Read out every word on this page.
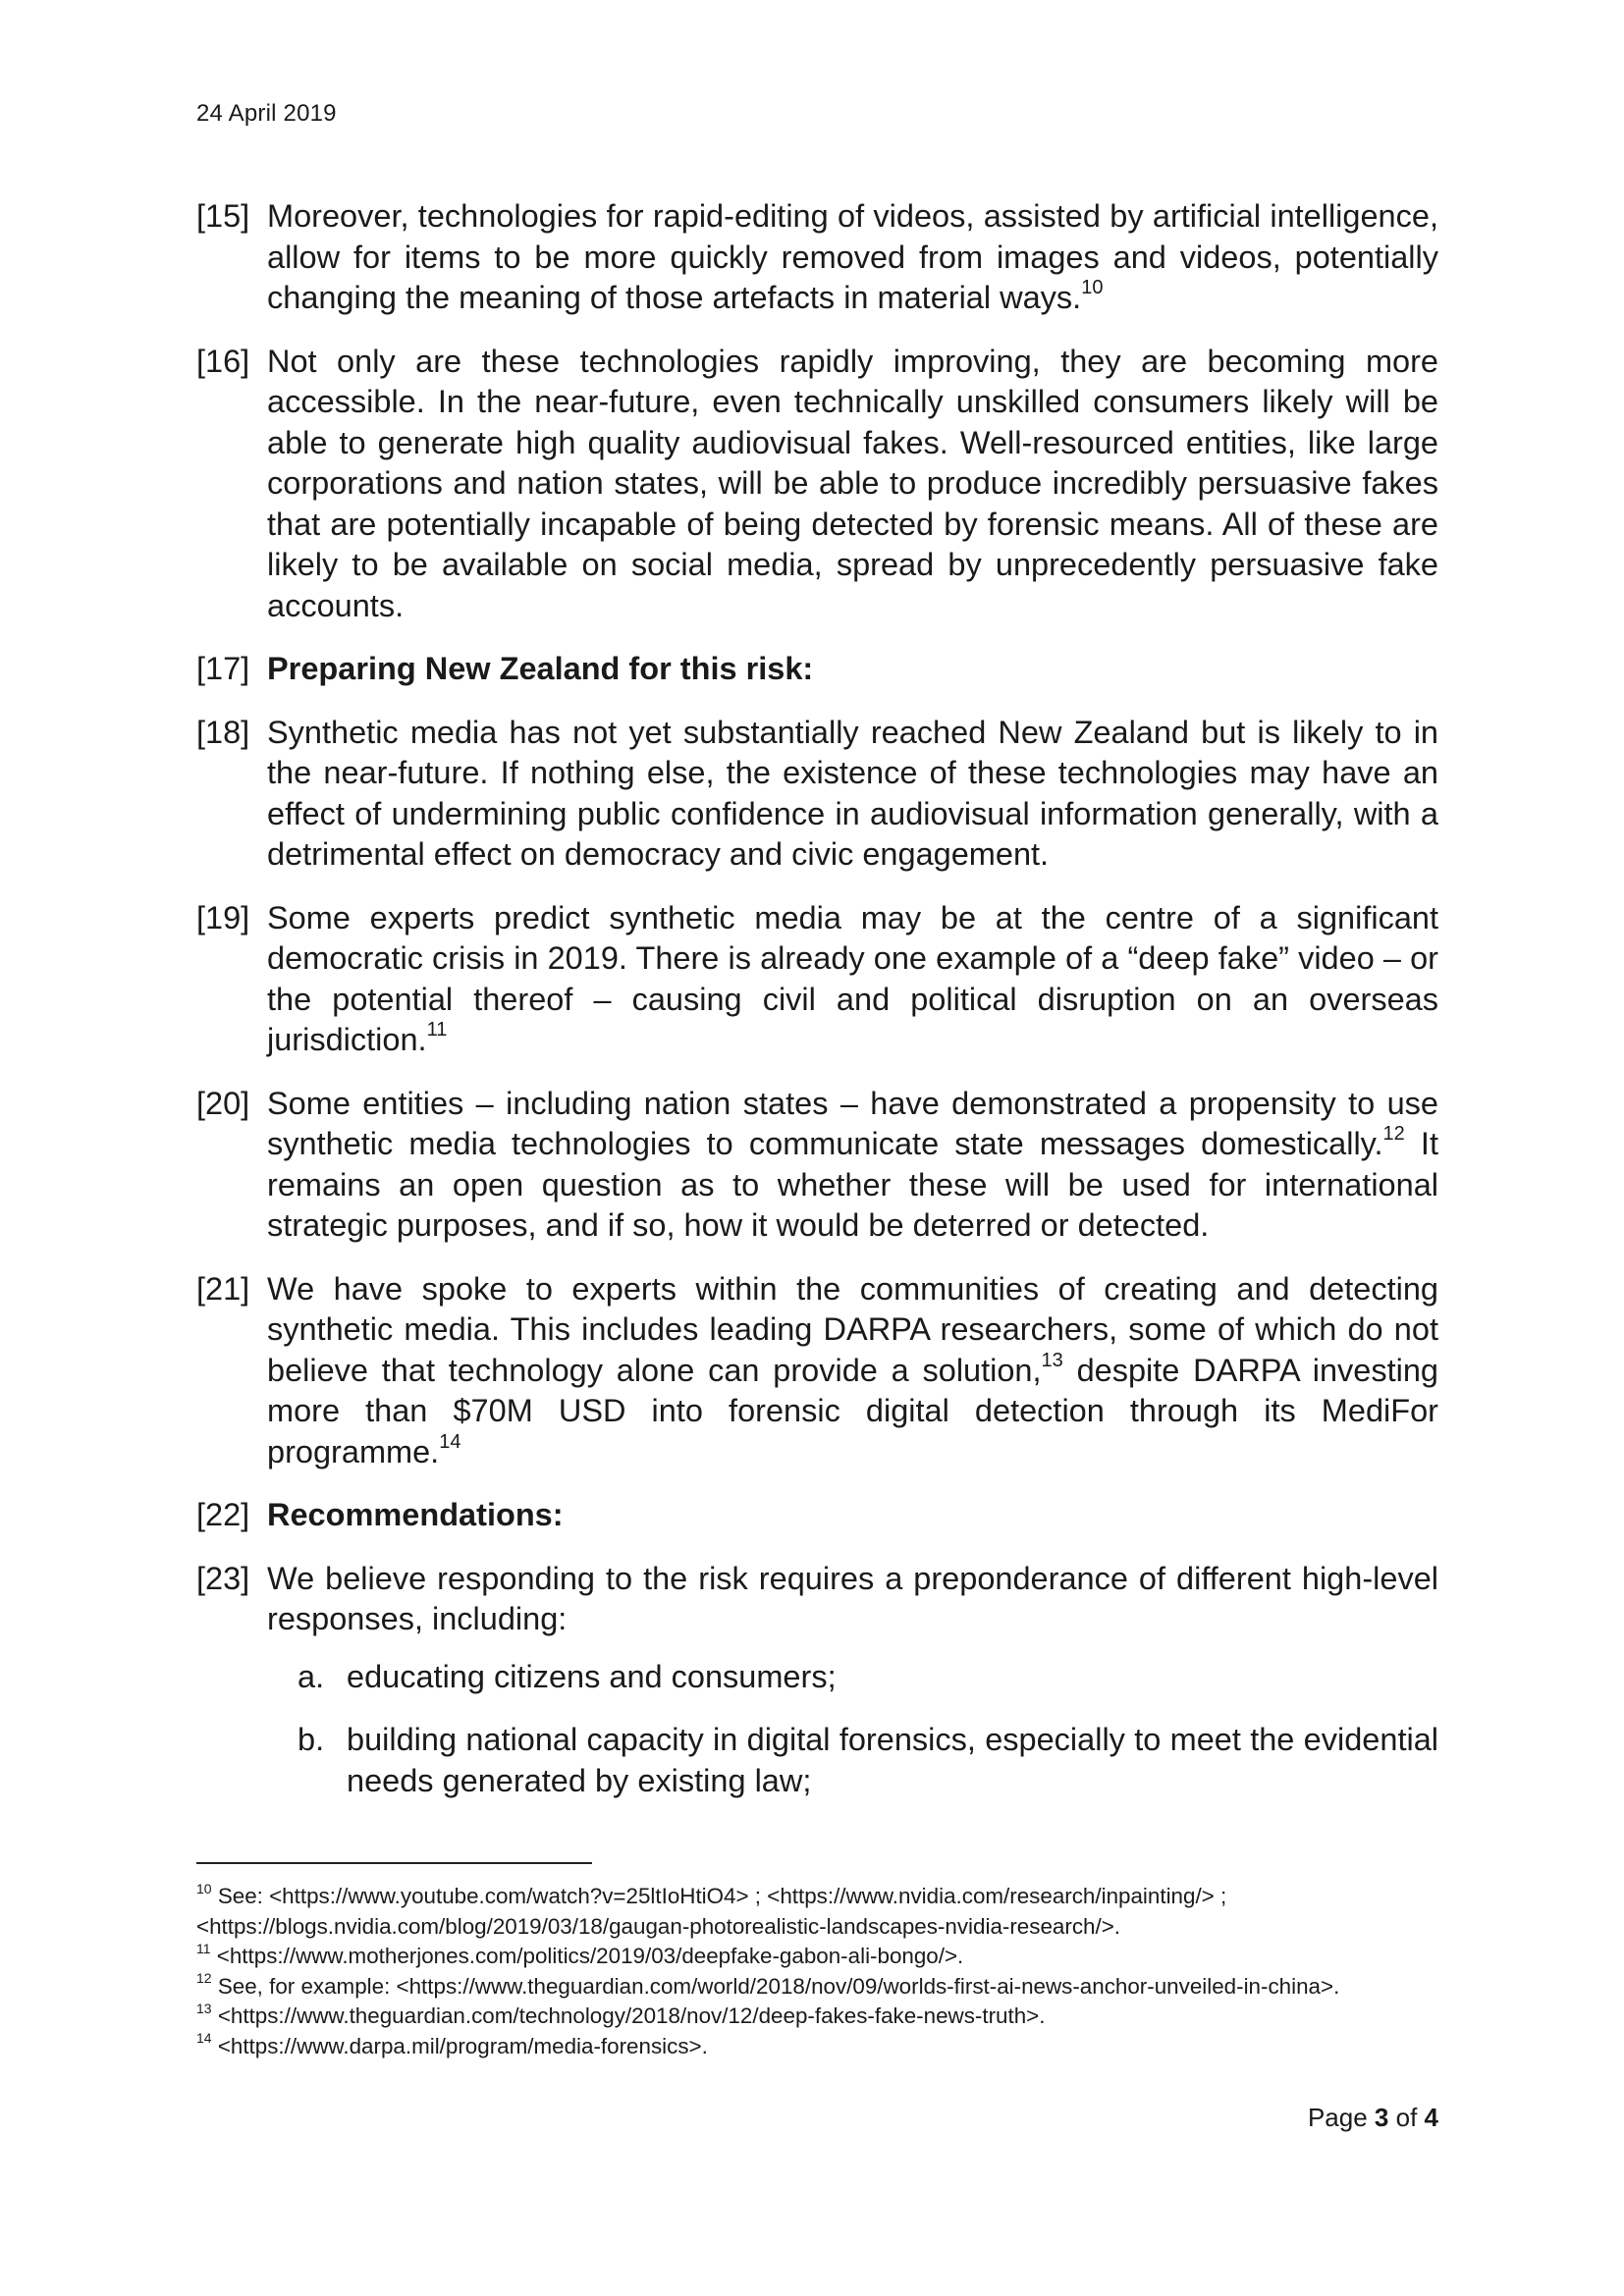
24 April 2019
[15] Moreover, technologies for rapid-editing of videos, assisted by artificial intelligence, allow for items to be more quickly removed from images and videos, potentially changing the meaning of those artefacts in material ways.$^{10}$
[16] Not only are these technologies rapidly improving, they are becoming more accessible. In the near-future, even technically unskilled consumers likely will be able to generate high quality audiovisual fakes. Well-resourced entities, like large corporations and nation states, will be able to produce incredibly persuasive fakes that are potentially incapable of being detected by forensic means. All of these are likely to be available on social media, spread by unprecedently persuasive fake accounts.
[17] Preparing New Zealand for this risk:
[18] Synthetic media has not yet substantially reached New Zealand but is likely to in the near-future. If nothing else, the existence of these technologies may have an effect of undermining public confidence in audiovisual information generally, with a detrimental effect on democracy and civic engagement.
[19] Some experts predict synthetic media may be at the centre of a significant democratic crisis in 2019. There is already one example of a “deep fake” video – or the potential thereof – causing civil and political disruption on an overseas jurisdiction.$^{11}$
[20] Some entities – including nation states – have demonstrated a propensity to use synthetic media technologies to communicate state messages domestically.$^{12}$ It remains an open question as to whether these will be used for international strategic purposes, and if so, how it would be deterred or detected.
[21] We have spoke to experts within the communities of creating and detecting synthetic media. This includes leading DARPA researchers, some of which do not believe that technology alone can provide a solution,$^{13}$ despite DARPA investing more than $70M USD into forensic digital detection through its MediFor programme.$^{14}$
[22] Recommendations:
[23] We believe responding to the risk requires a preponderance of different high-level responses, including:
a. educating citizens and consumers;
b. building national capacity in digital forensics, especially to meet the evidential needs generated by existing law;
$^{10}$ See: <https://www.youtube.com/watch?v=25ltIoHtiO4> ; <https://www.nvidia.com/research/inpainting/> ; <https://blogs.nvidia.com/blog/2019/03/18/gaugan-photorealistic-landscapes-nvidia-research/>.
$^{11}$ <https://www.motherjones.com/politics/2019/03/deepfake-gabon-ali-bongo/>.
$^{12}$ See, for example: <https://www.theguardian.com/world/2018/nov/09/worlds-first-ai-news-anchor-unveiled-in-china>.
$^{13}$ <https://www.theguardian.com/technology/2018/nov/12/deep-fakes-fake-news-truth>.
$^{14}$ <https://www.darpa.mil/program/media-forensics>.
Page 3 of 4
